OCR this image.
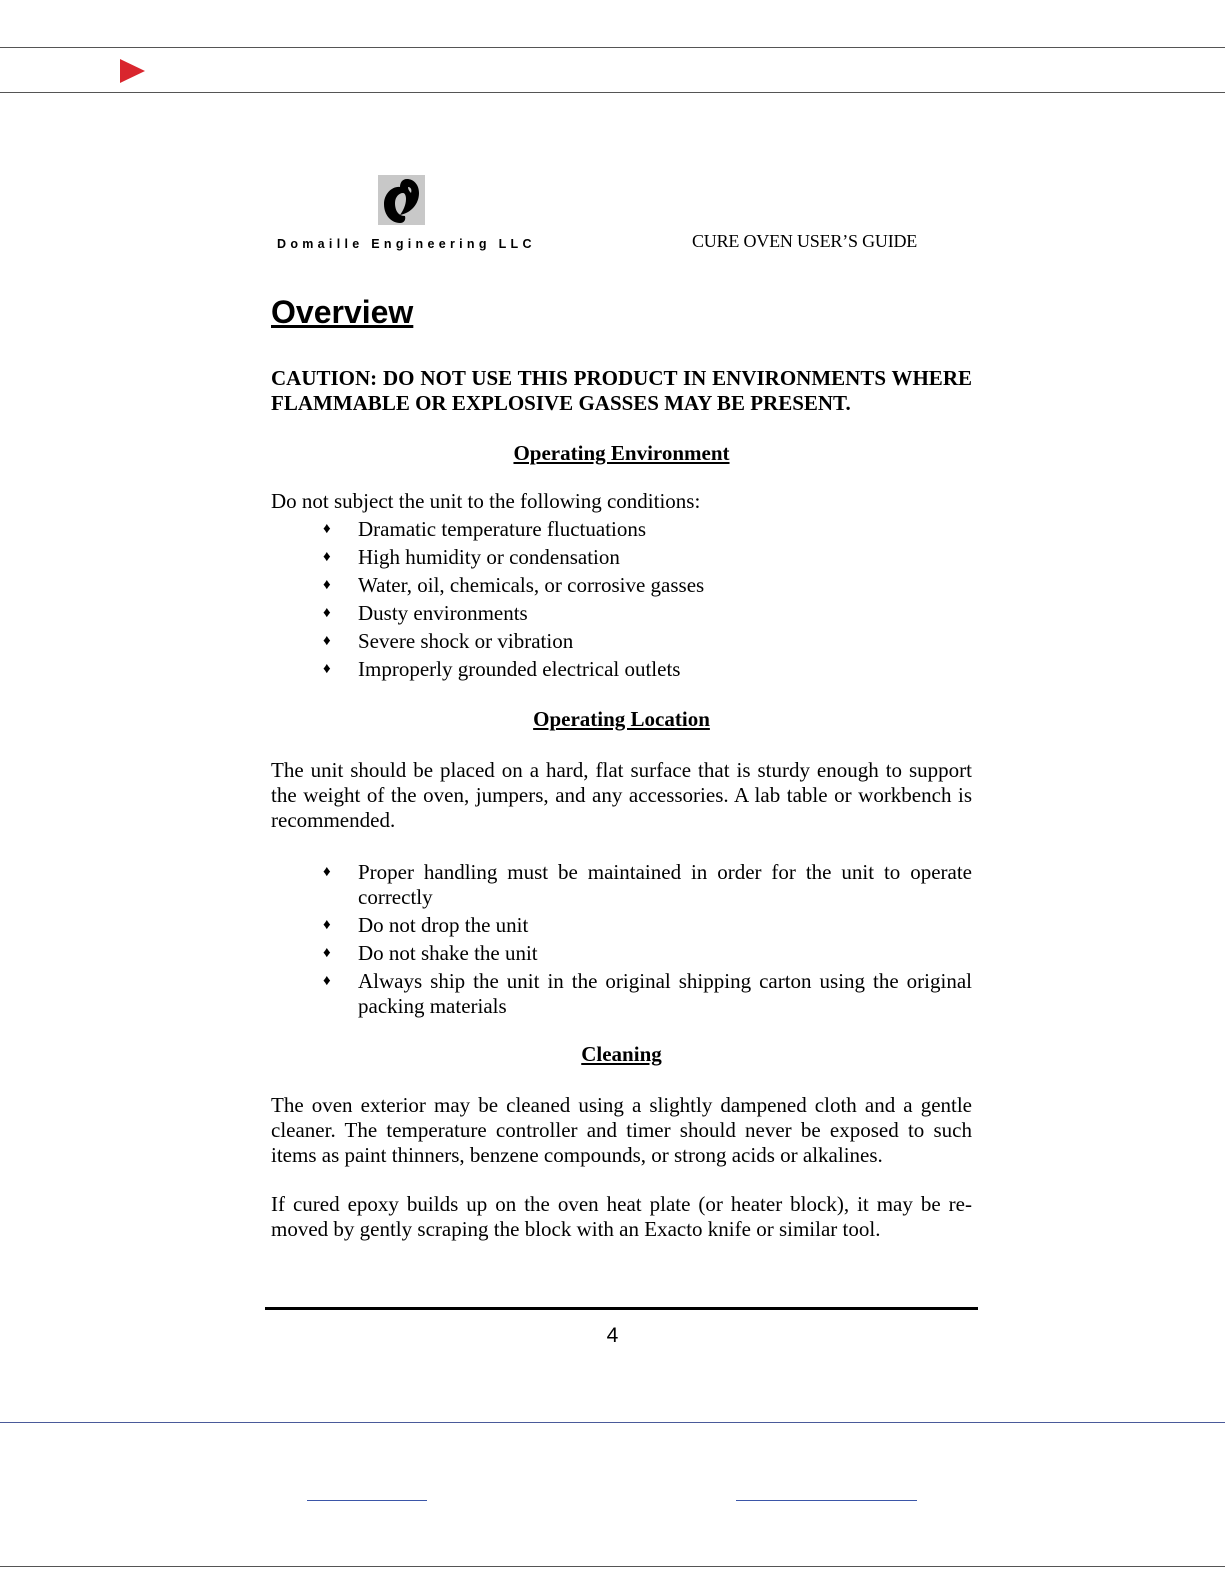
Domaille Engineering LLC	CURE OVEN USER’S GUIDE
Overview
CAUTION: DO NOT USE THIS PRODUCT IN ENVIRONMENTS WHERE FLAMMABLE OR EXPLOSIVE GASSES MAY BE PRESENT.
Operating Environment
Do not subject the unit to the following conditions:
♦ Dramatic temperature fluctuations
♦ High humidity or condensation
♦ Water, oil, chemicals, or corrosive gasses
♦ Dusty environments
♦ Severe shock or vibration
♦ Improperly grounded electrical outlets
Operating Location
The unit should be placed on a hard, flat surface that is sturdy enough to support the weight of the oven, jumpers, and any accessories. A lab table or workbench is recommended.
♦ Proper handling must be maintained in order for the unit to operate correctly
♦ Do not drop the unit
♦ Do not shake the unit
♦ Always ship the unit in the original shipping carton using the original packing materials
Cleaning
The oven exterior may be cleaned using a slightly dampened cloth and a gentle cleaner. The temperature controller and timer should never be exposed to such items as paint thinners, benzene compounds, or strong acids or alkalines.
If cured epoxy builds up on the oven heat plate (or heater block), it may be re-moved by gently scraping the block with an Exacto knife or similar tool.
4
